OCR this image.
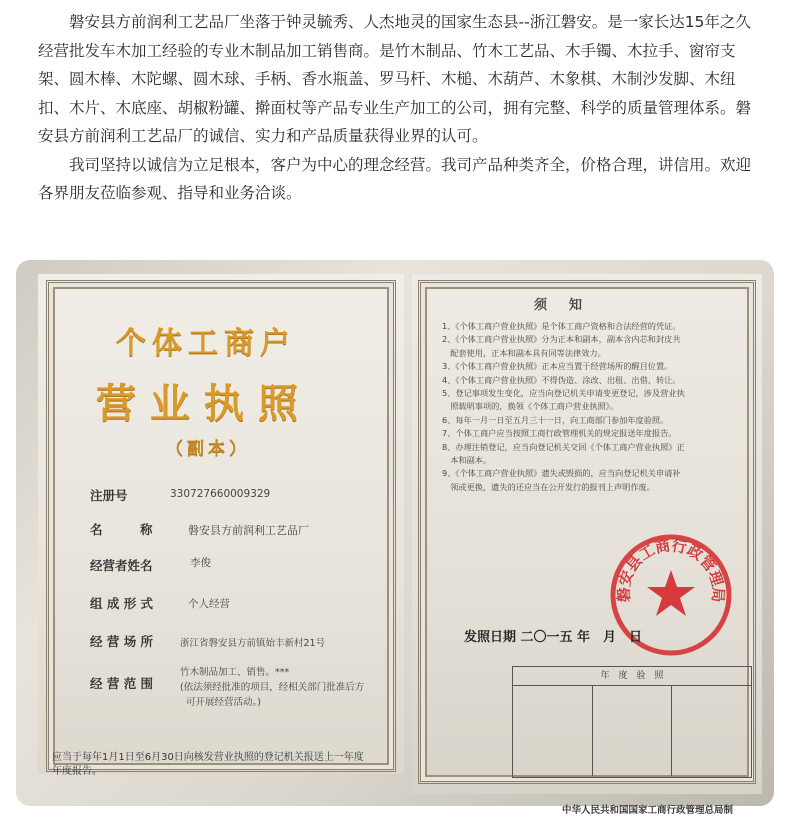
磐安县方前润利工艺品厂坐落于钟灵毓秀、人杰地灵的国家生态县--浙江磐安。是一家长达15年之久经营批发车木加工经验的专业木制品加工销售商。是竹木制品、竹木工艺品、木手镯、木拉手、窗帘支架、圆木棒、木陀螺、圆木球、手柄、香水瓶盖、罗马杆、木槌、木葫芦、木象棋、木制沙发脚、木纽扣、木片、木底座、胡椒粉罐、擀面杖等产品专业生产加工的公司，拥有完整、科学的质量管理体系。磐安县方前润利工艺品厂的诚信、实力和产品质量获得业界的认可。

我司坚持以诚信为立足根本，客户为中心的理念经营。我司产品种类齐全，价格合理，讲信用。欢迎各界朋友莅临参观、指导和业务洽谈。

个体工商户
营业执照
（副本）
注册号	330727660009329
名　　　称	磐安县方前润利工艺品厂
经营者姓名	李俊
组 成 形 式	个人经营
经 营 场 所	浙江省磐安县方前镇始丰新村21号
经 营 范 围
竹木制品加工、销售。***
(依法须经批准的项目，经相关部门批准后方
可开展经营活动。)
应当于每年1月1日至6月30日向核发营业执照的登记机关报送上一年度
年度报告。
须知
1、《个体工商户营业执照》是个体工商户资格和合法经营的凭证。
2、《个体工商户营业执照》分为正本和副本，副本含内芯和封皮共
　配套使用，正本和副本具有同等法律效力。
3、《个体工商户营业执照》正本应当置于经营场所的醒目位置。
4、《个体工商户营业执照》不得伪造、涂改、出租、出借、转让。
5、登记事项发生变化，应当向登记机关申请变更登记，涉及营业执
　照载明事项的，换领《个体工商户营业执照》。
6、每年一月一日至五月三十一日，向工商部门参加年度验照。
7、个体工商户应当按照工商行政管理机关的规定报送年度报告。
8、办理注销登记，应当向登记机关交回《个体工商户营业执照》正
　本和副本。
9、《个体工商户营业执照》遗失或毁损的，应当向登记机关申请补
　领或更换，遗失的还应当在公开发行的报刊上声明作废。
磐安县工商行政管理局
发照日期 二〇一五 年　月　日
年　度　验　照
中华人民共和国国家工商行政管理总局制
